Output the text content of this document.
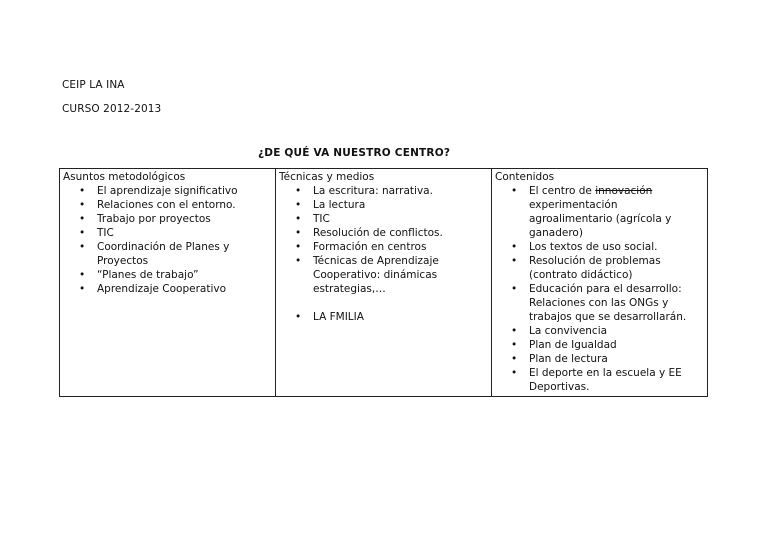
CEIP LA INA
CURSO 2012-2013
¿DE QUÉ VA NUESTRO CENTRO?
Asuntos metodológicos
• El aprendizaje significativo
• Relaciones con el entorno.
• Trabajo por proyectos
• TIC
• Coordinación de Planes y Proyectos
• “Planes de trabajo”
• Aprendizaje Cooperativo

Técnicas y medios
• La escritura: narrativa.
• La lectura
• TIC
• Resolución de conflictos.
• Formación en centros
• Técnicas de Aprendizaje Cooperativo: dinámicas estrategias,…
• LA FMILIA

Contenidos
• El centro de innovación experimentación agroalimentario (agrícola y ganadero)
• Los textos de uso social.
• Resolución de problemas (contrato didáctico)
• Educación para el desarrollo: Relaciones con las ONGs y trabajos que se desarrollarán.
• La convivencia
• Plan de Igualdad
• Plan de lectura
• El deporte en la escuela y EE Deportivas.
